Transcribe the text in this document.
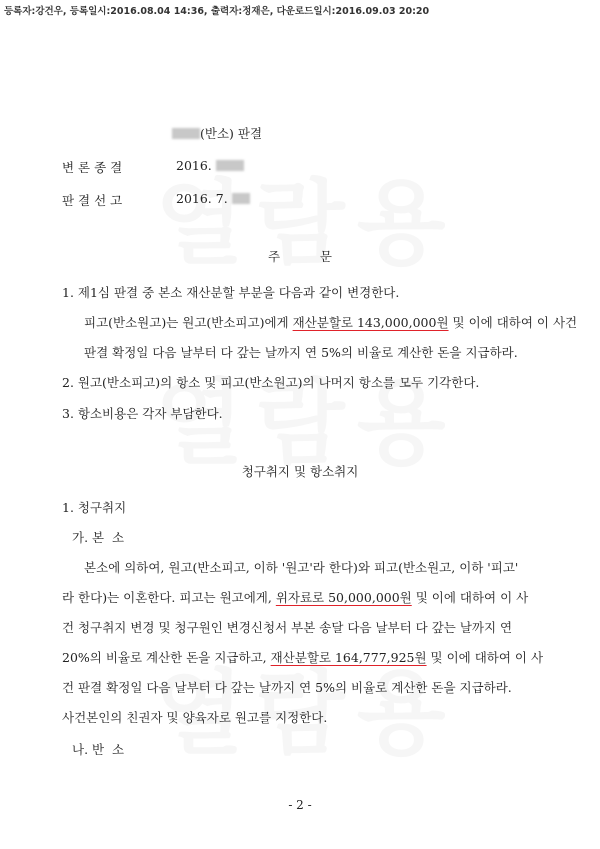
등록자:강건우, 등록일시:2016.08.04 14:36, 출력자:정재은, 다운로드일시:2016.09.03 20:20
(반소) 판결
변 론 종 결	2016.
판 결 선 고	2016. 7.
주          문
1. 제1심 판결 중 본소 재산분할 부분을 다음과 같이 변경한다.
피고(반소원고)는 원고(반소피고)에게 재산분할로 143,000,000원 및 이에 대하여 이 사건
판결 확정일 다음 날부터 다 갚는 날까지 연 5%의 비율로 계산한 돈을 지급하라.
2. 원고(반소피고)의 항소 및 피고(반소원고)의 나머지 항소를 모두 기각한다.
3. 항소비용은 각자 부담한다.
청구취지 및 항소취지
1. 청구취지
가. 본  소
본소에 의하여, 원고(반소피고, 이하 '원고'라 한다)와 피고(반소원고, 이하 '피고'
라 한다)는 이혼한다. 피고는 원고에게, 위자료로 50,000,000원 및 이에 대하여 이 사
건 청구취지 변경 및 청구원인 변경신청서 부본 송달 다음 날부터 다 갚는 날까지 연
20%의 비율로 계산한 돈을 지급하고, 재산분할로 164,777,925원 및 이에 대하여 이 사
건 판결 확정일 다음 날부터 다 갚는 날까지 연 5%의 비율로 계산한 돈을 지급하라.
사건본인의 친권자 및 양육자로 원고를 지정한다.
나. 반  소
- 2 -
